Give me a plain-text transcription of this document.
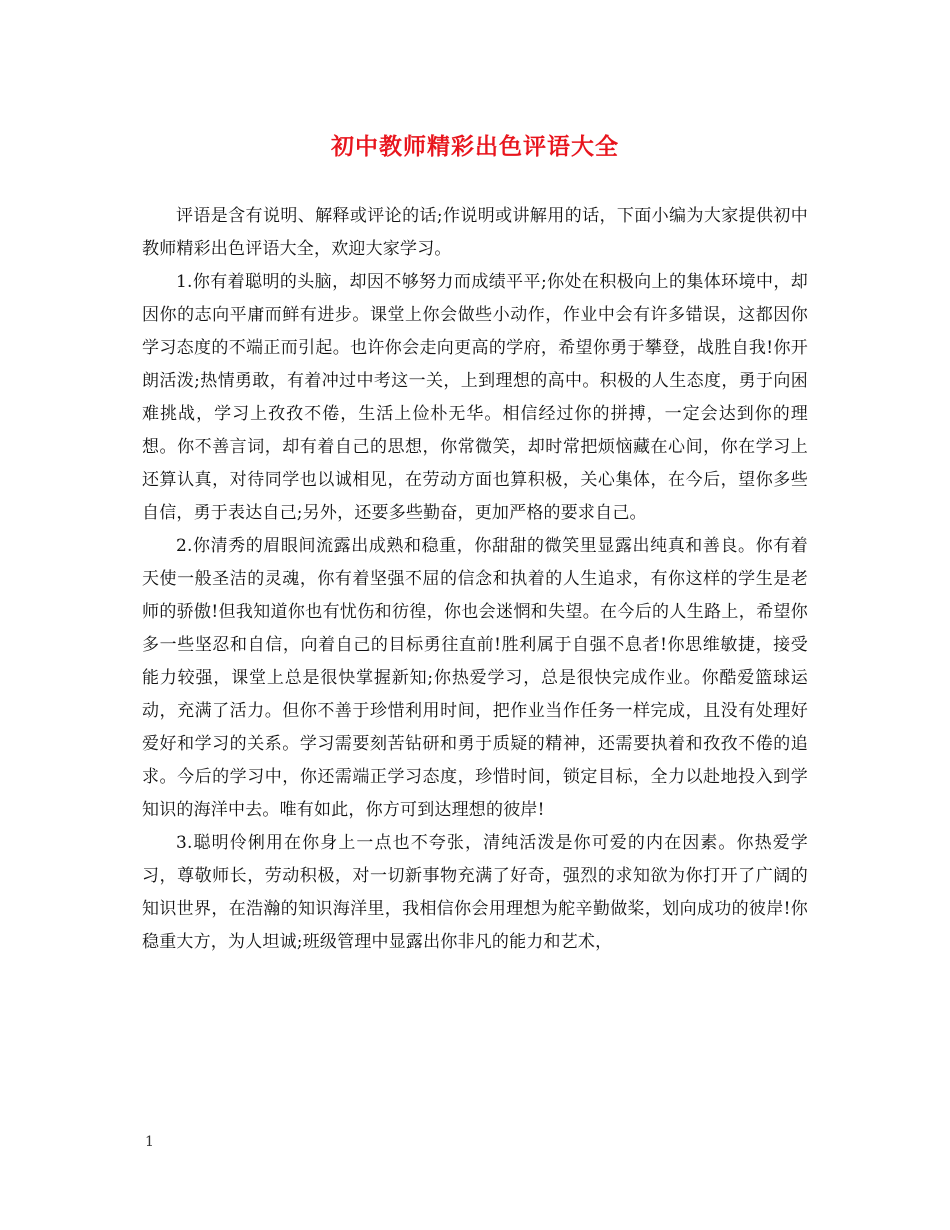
初中教师精彩出色评语大全

评语是含有说明、解释或评论的话;作说明或讲解用的话，下面小编为大家提供初中教师精彩出色评语大全，欢迎大家学习。

1.你有着聪明的头脑，却因不够努力而成绩平平;你处在积极向上的集体环境中，却因你的志向平庸而鲜有进步。课堂上你会做些小动作，作业中会有许多错误，这都因你学习态度的不端正而引起。也许你会走向更高的学府，希望你勇于攀登，战胜自我!你开朗活泼;热情勇敢，有着冲过中考这一关，上到理想的高中。积极的人生态度，勇于向困难挑战，学习上孜孜不倦，生活上俭朴无华。相信经过你的拼搏，一定会达到你的理想。你不善言词，却有着自己的思想，你常微笑，却时常把烦恼藏在心间，你在学习上还算认真，对待同学也以诚相见，在劳动方面也算积极，关心集体，在今后，望你多些自信，勇于表达自己;另外，还要多些勤奋，更加严格的要求自己。

2.你清秀的眉眼间流露出成熟和稳重，你甜甜的微笑里显露出纯真和善良。你有着天使一般圣洁的灵魂，你有着坚强不屈的信念和执着的人生追求，有你这样的学生是老师的骄傲!但我知道你也有忧伤和彷徨，你也会迷惘和失望。在今后的人生路上，希望你多一些坚忍和自信，向着自己的目标勇往直前!胜利属于自强不息者!你思维敏捷，接受能力较强，课堂上总是很快掌握新知;你热爱学习，总是很快完成作业。你酷爱篮球运动，充满了活力。但你不善于珍惜利用时间，把作业当作任务一样完成，且没有处理好爱好和学习的关系。学习需要刻苦钻研和勇于质疑的精神，还需要执着和孜孜不倦的追求。今后的学习中，你还需端正学习态度，珍惜时间，锁定目标，全力以赴地投入到学知识的海洋中去。唯有如此，你方可到达理想的彼岸!

3.聪明伶俐用在你身上一点也不夸张，清纯活泼是你可爱的内在因素。你热爱学习，尊敬师长，劳动积极，对一切新事物充满了好奇，强烈的求知欲为你打开了广阔的知识世界，在浩瀚的知识海洋里，我相信你会用理想为舵辛勤做桨，划向成功的彼岸!你稳重大方，为人坦诚;班级管理中显露出你非凡的能力和艺术，

1
